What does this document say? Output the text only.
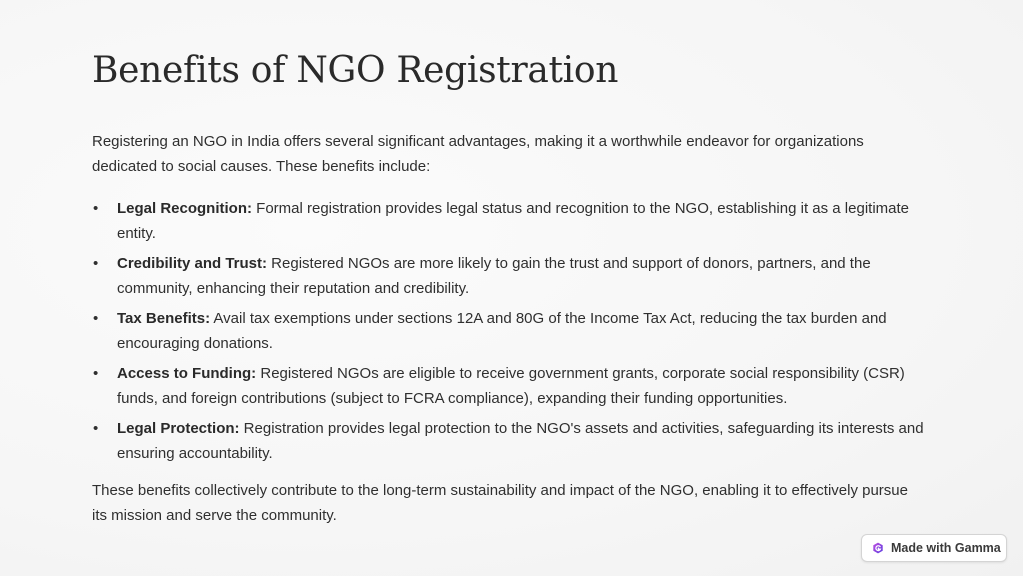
Benefits of NGO Registration

Registering an NGO in India offers several significant advantages, making it a worthwhile endeavor for organizations dedicated to social causes. These benefits include:

• Legal Recognition: Formal registration provides legal status and recognition to the NGO, establishing it as a legitimate entity.
• Credibility and Trust: Registered NGOs are more likely to gain the trust and support of donors, partners, and the community, enhancing their reputation and credibility.
• Tax Benefits: Avail tax exemptions under sections 12A and 80G of the Income Tax Act, reducing the tax burden and encouraging donations.
• Access to Funding: Registered NGOs are eligible to receive government grants, corporate social responsibility (CSR) funds, and foreign contributions (subject to FCRA compliance), expanding their funding opportunities.
• Legal Protection: Registration provides legal protection to the NGO's assets and activities, safeguarding its interests and ensuring accountability.

These benefits collectively contribute to the long-term sustainability and impact of the NGO, enabling it to effectively pursue its mission and serve the community.

Made with Gamma
